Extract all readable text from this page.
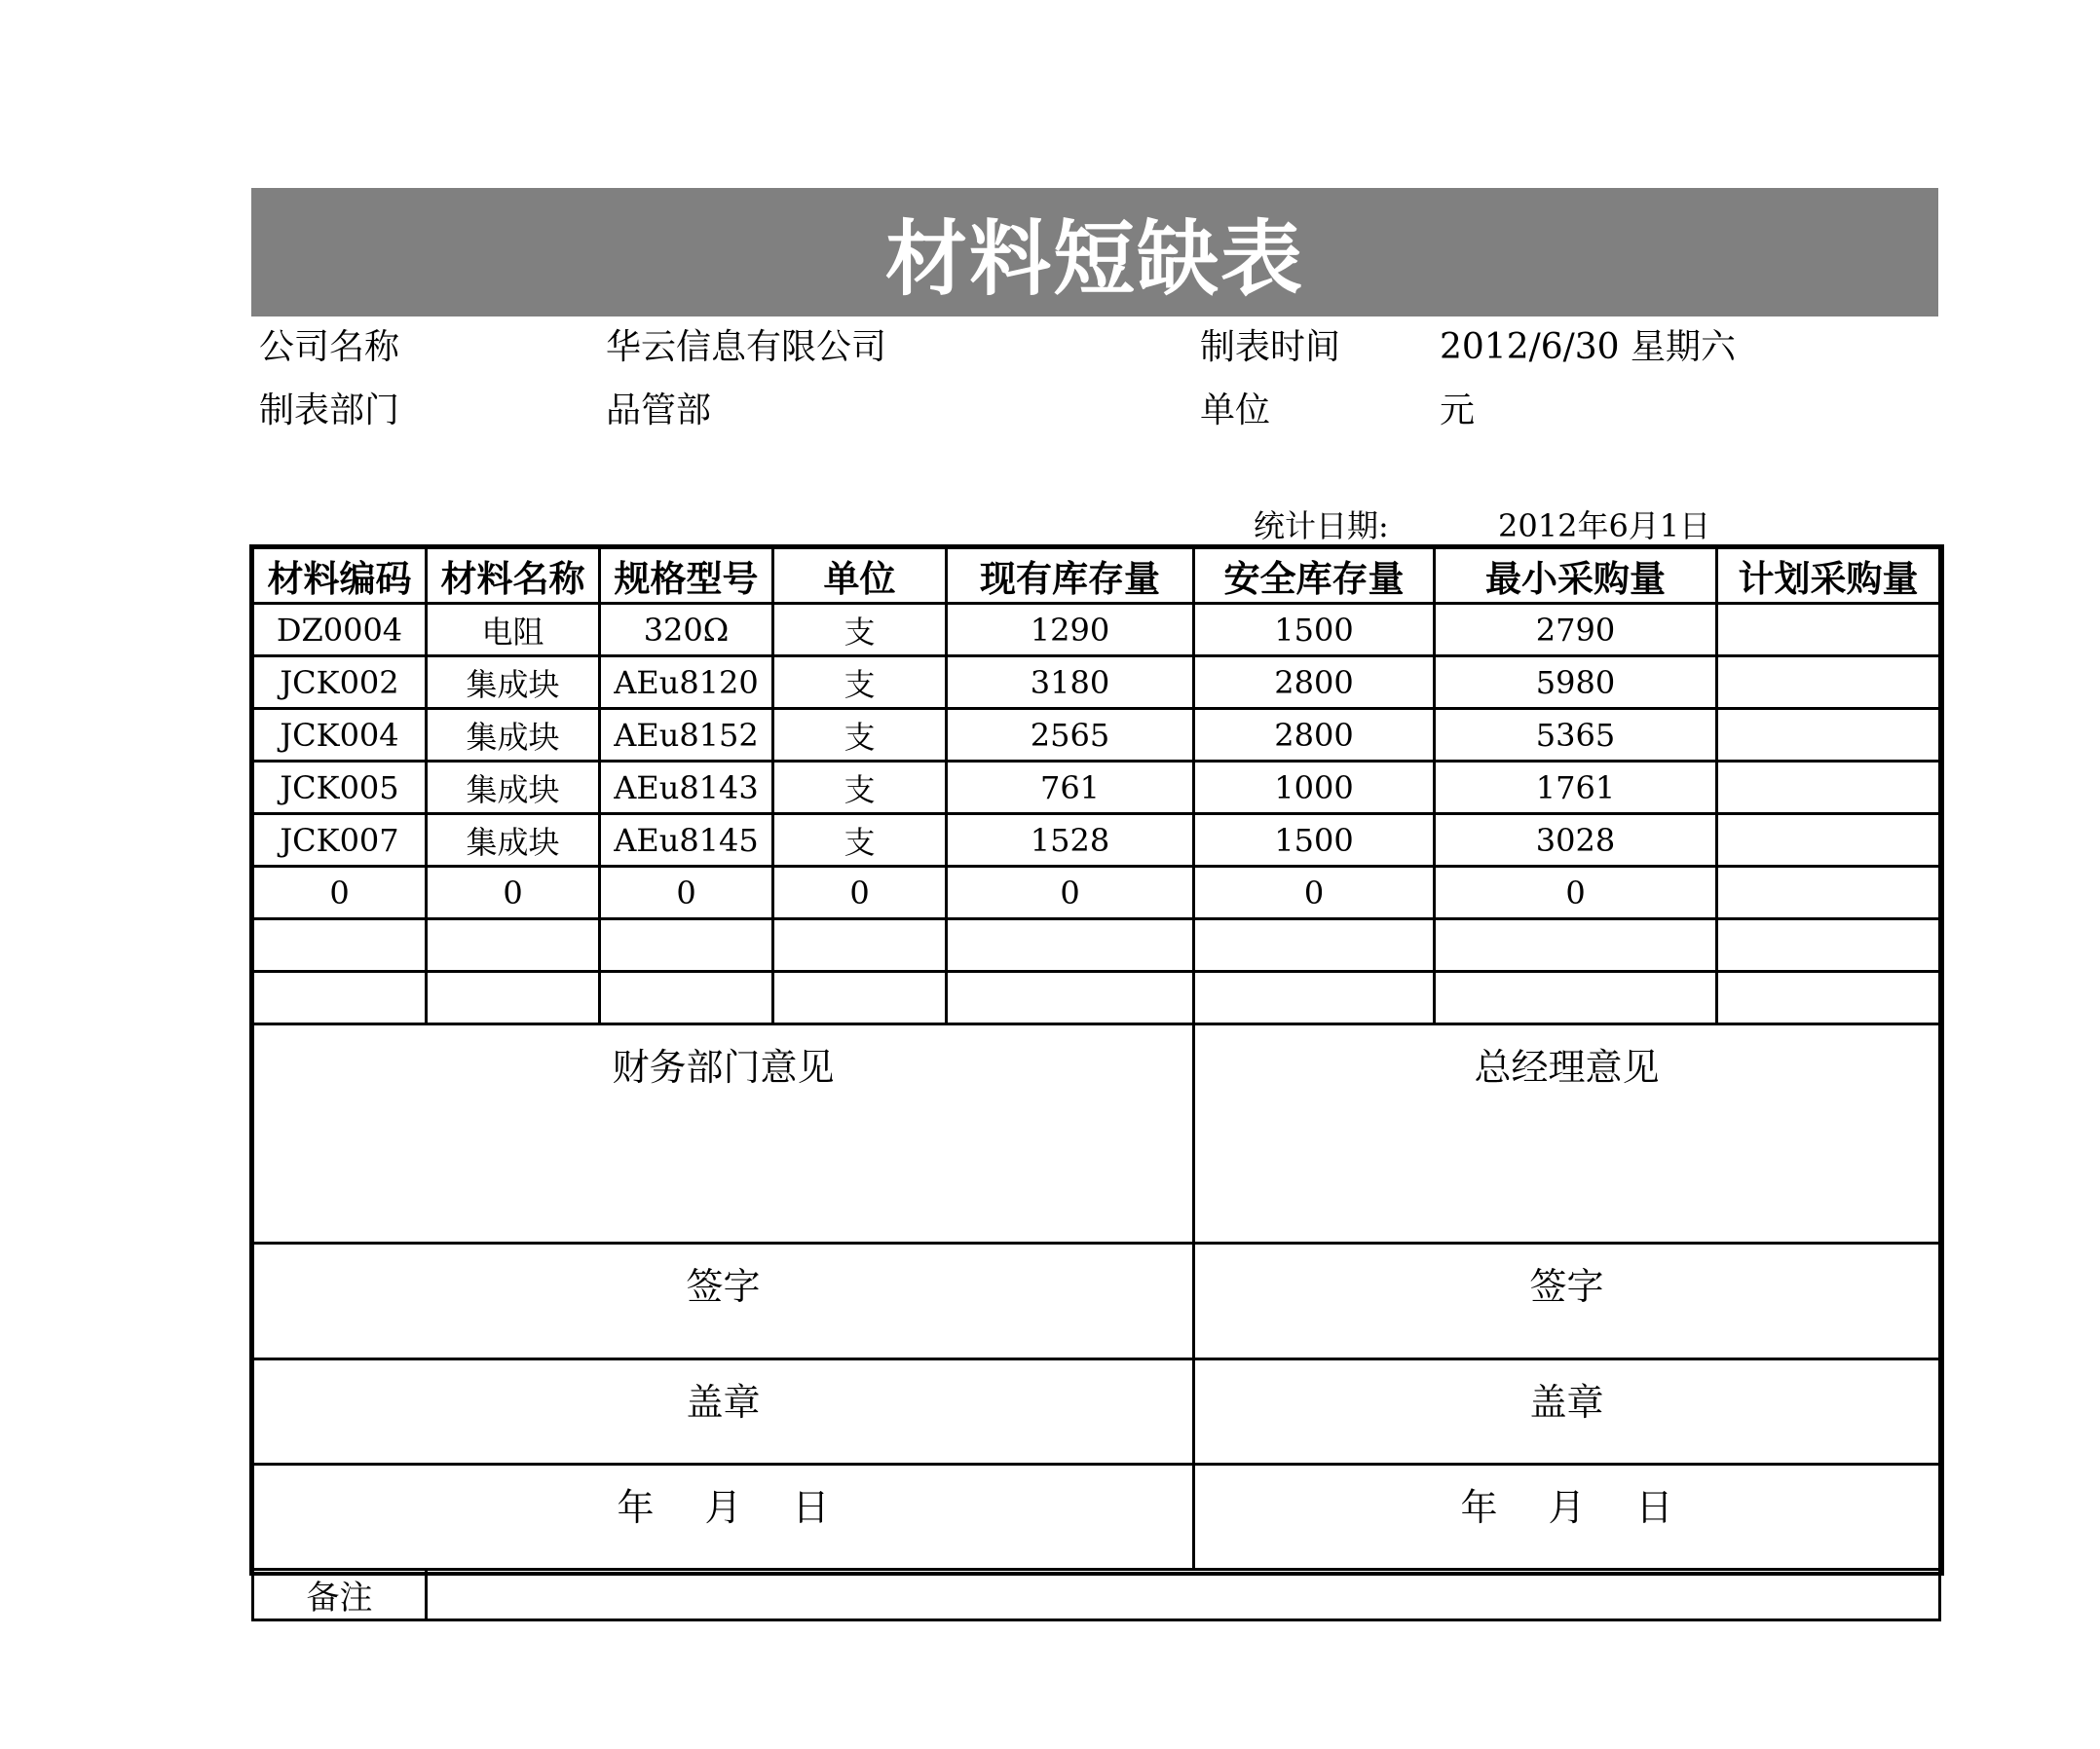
材料短缺表
公司名称	华云信息有限公司	制表时间	2012/6/30 星期六
制表部门	品管部	单位	元
统计日期:	2012年6月1日
材料编码	材料名称	规格型号	单位	现有库存量	安全库存量	最小采购量	计划采购量
DZ0004	电阻	320Ω	支	1290	1500	2790	
JCK002	集成块	AEu8120	支	3180	2800	5980	
JCK004	集成块	AEu8152	支	2565	2800	5365	
JCK005	集成块	AEu8143	支	761	1000	1761	
JCK007	集成块	AEu8145	支	1528	1500	3028	
0	0	0	0	0	0	0	

财务部门意见					总经理意见		
签字					签字		
盖章					盖章		
年 月 日					年 月 日		
备注							
